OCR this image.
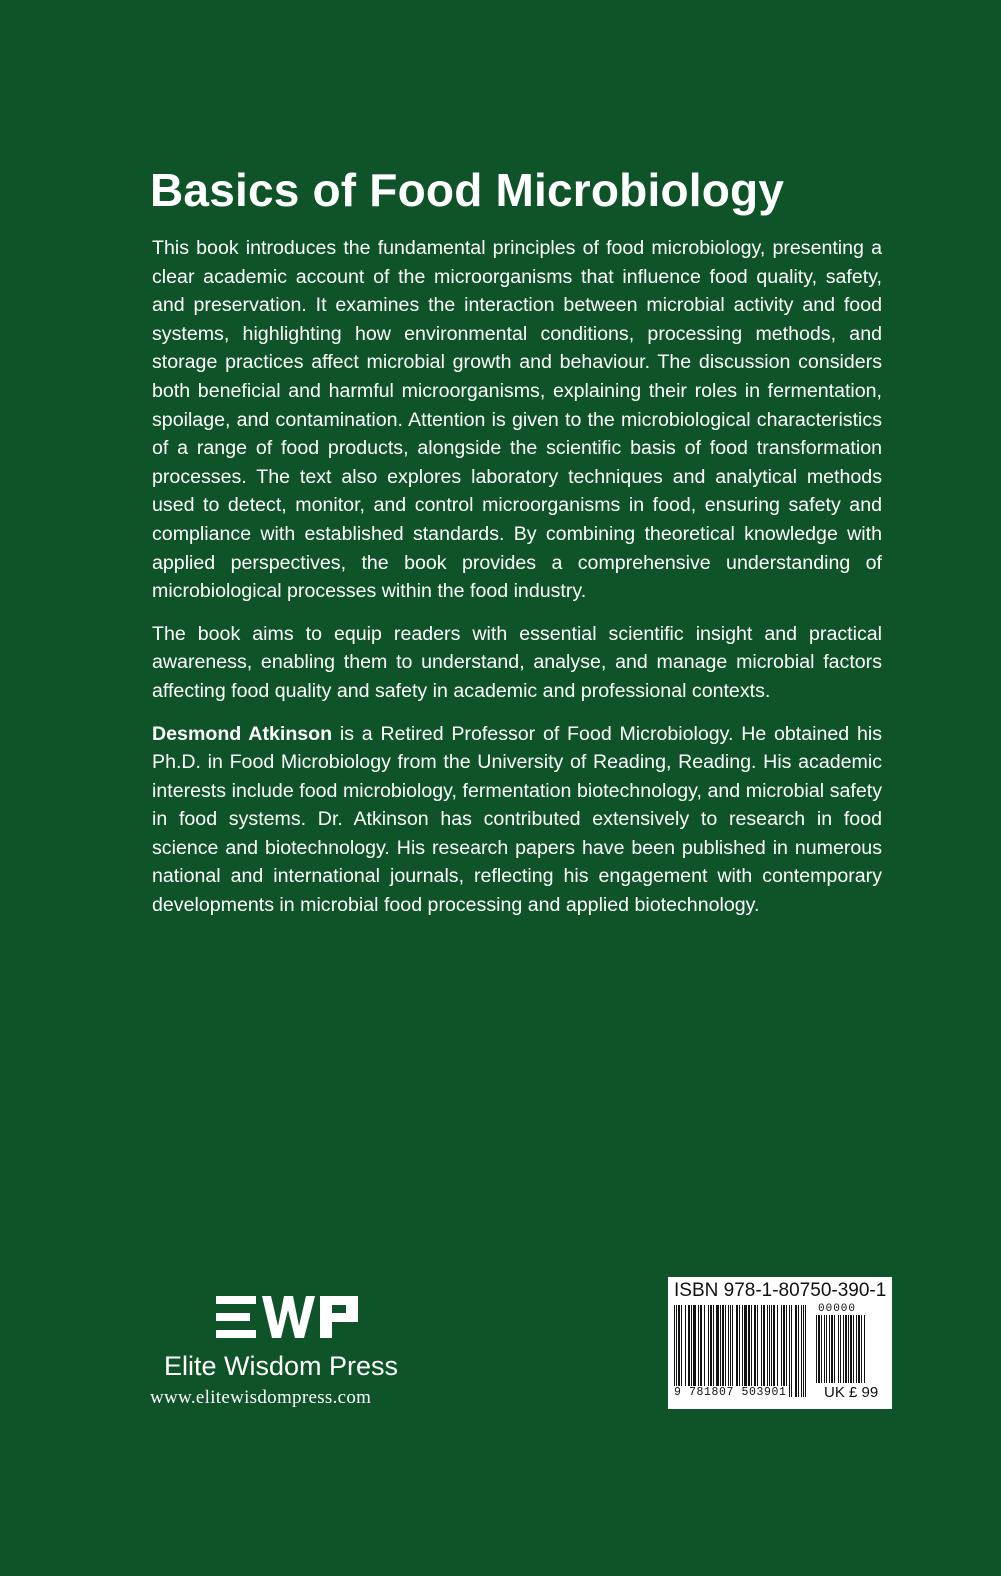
Basics of Food Microbiology

This book introduces the fundamental principles of food microbiology, presenting a clear academic account of the microorganisms that influence food quality, safety, and preservation. It examines the interaction between microbial activity and food systems, highlighting how environmental conditions, processing methods, and storage practices affect microbial growth and behaviour. The discussion considers both beneficial and harmful microorganisms, explaining their roles in fermentation, spoilage, and contamination. Attention is given to the microbiological characteristics of a range of food products, alongside the scientific basis of food transformation processes. The text also explores laboratory techniques and analytical methods used to detect, monitor, and control microorganisms in food, ensuring safety and compliance with established standards. By combining theoretical knowledge with applied perspectives, the book provides a comprehensive understanding of microbiological processes within the food industry.

The book aims to equip readers with essential scientific insight and practical awareness, enabling them to understand, analyse, and manage microbial factors affecting food quality and safety in academic and professional contexts.

Desmond Atkinson is a Retired Professor of Food Microbiology. He obtained his Ph.D. in Food Microbiology from the University of Reading, Reading. His academic interests include food microbiology, fermentation biotechnology, and microbial safety in food systems. Dr. Atkinson has contributed extensively to research in food science and biotechnology. His research papers have been published in numerous national and international journals, reflecting his engagement with contemporary developments in microbial food processing and applied biotechnology.

Elite Wisdom Press
www.elitewisdompress.com
ISBN 978-1-80750-390-1
00000
9 781807 503901 UK £ 99
